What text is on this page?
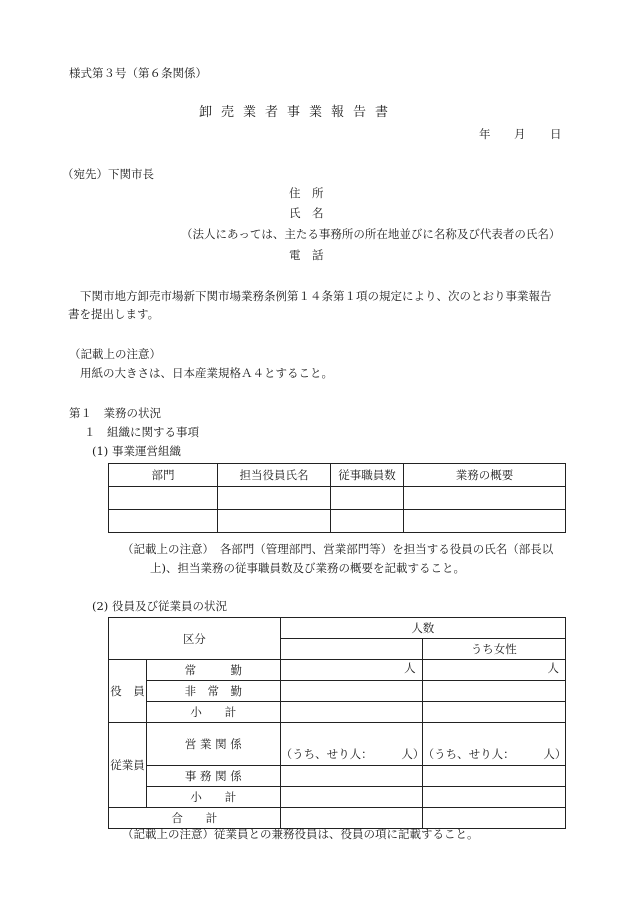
様式第３号（第６条関係）
卸売業者事業報告書
年 月 日
（宛先）下関市長
住　所
氏　名
（法人にあっては、主たる事務所の所在地並びに名称及び代表者の氏名）
電　話
下関市地方卸売市場新下関市場業務条例第１４条第１項の規定により、次のとおり事業報告
書を提出します。
（記載上の注意）
用紙の大きさは、日本産業規格Ａ４とすること。
第１　業務の状況
１　組織に関する事項
(1) 事業運営組織
部門	担当役員氏名	従事職員数	業務の概要

（記載上の注意）　各部門（管理部門、営業部門等）を担当する役員の氏名（部長以
上)、担当業務の従事職員数及び業務の概要を記載すること。
(2) 役員及び従業員の状況
区分		人数	
			うち女性
役　員	常　　　勤	人	人
	非　常　勤		
	小　　計		
従業員	営 業 関 係	（うち、せり人：　　　人）	（うち、せり人：　　　人）
	事 務 関 係		
	小　　計		
合　　計			
（記載上の注意）従業員との兼務役員は、役員の項に記載すること。
